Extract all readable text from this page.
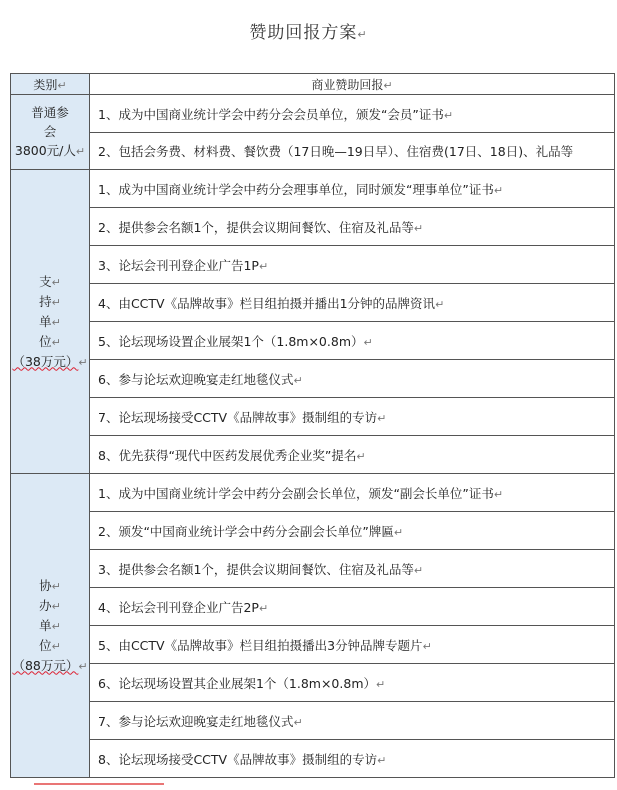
赞助回报方案↵
类别↵	商业赞助回报↵

普通参会
3800元/人↵	1、成为中国商业统计学会中药分会会员单位，颁发“会员”证书↵
	2、包括会务费、材料费、餐饮费（17日晚—19日早）、住宿费(17日、18日)、礼品等

支↵
持↵
单↵
位↵
（38万元）↵	1、成为中国商业统计学会中药分会理事单位，同时颁发“理事单位”证书↵
	2、提供参会名额1个，提供会议期间餐饮、住宿及礼品等↵
	3、论坛会刊刊登企业广告1P↵
	4、由CCTV《品牌故事》栏目组拍摄并播出1分钟的品牌资讯↵
	5、论坛现场设置企业展架1个（1.8m×0.8m）↵
	6、参与论坛欢迎晚宴走红地毯仪式↵
	7、论坛现场接受CCTV《品牌故事》摄制组的专访↵
	8、优先获得“现代中医药发展优秀企业奖”提名↵

协↵
办↵
单↵
位↵
（88万元）↵	1、成为中国商业统计学会中药分会副会长单位，颁发“副会长单位”证书↵
	2、颁发“中国商业统计学会中药分会副会长单位”牌匾↵
	3、提供参会名额1个，提供会议期间餐饮、住宿及礼品等↵
	4、论坛会刊刊登企业广告2P↵
	5、由CCTV《品牌故事》栏目组拍摄播出3分钟品牌专题片↵
	6、论坛现场设置其企业展架1个（1.8m×0.8m）↵
	7、参与论坛欢迎晚宴走红地毯仪式↵
	8、论坛现场接受CCTV《品牌故事》摄制组的专访↵
